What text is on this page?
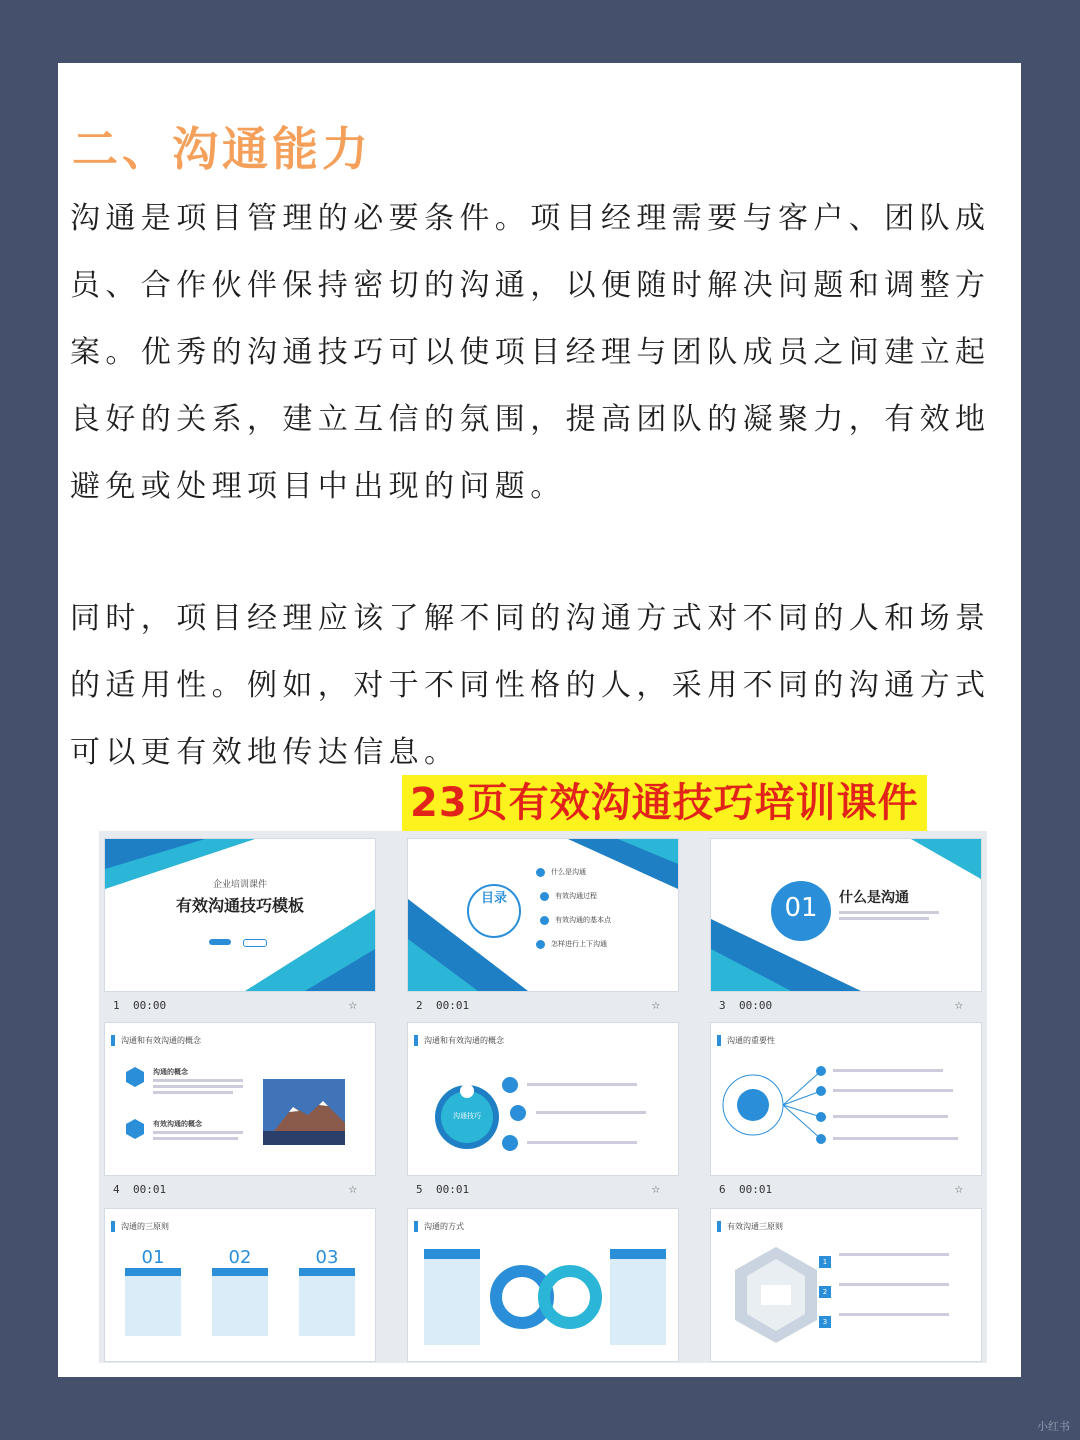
二、沟通能力

沟通是项目管理的必要条件。项目经理需要与客户、团队成员、合作伙伴保持密切的沟通，以便随时解决问题和调整方案。优秀的沟通技巧可以使项目经理与团队成员之间建立起良好的关系，建立互信的氛围，提高团队的凝聚力，有效地避免或处理项目中出现的问题。

同时，项目经理应该了解不同的沟通方式对不同的人和场景的适用性。例如，对于不同性格的人，采用不同的沟通方式可以更有效地传达信息。

23页有效沟通技巧培训课件
企业培训课件
有效沟通技巧模板
1 00:00	☆
目录
什么是沟通
有效沟通过程
有效沟通的基本点
怎样进行上下沟通
2 00:01	☆
01	什么是沟通
3 00:00	☆
沟通和有效沟通的概念
沟通的概念
有效沟通的概念
4 00:01	☆
沟通和有效沟通的概念
沟通技巧
5 00:01	☆
沟通的重要性
6 00:01	☆
沟通的三原则
01	02	03
沟通的方式	有效沟通三原则
1
2
3
小红书
